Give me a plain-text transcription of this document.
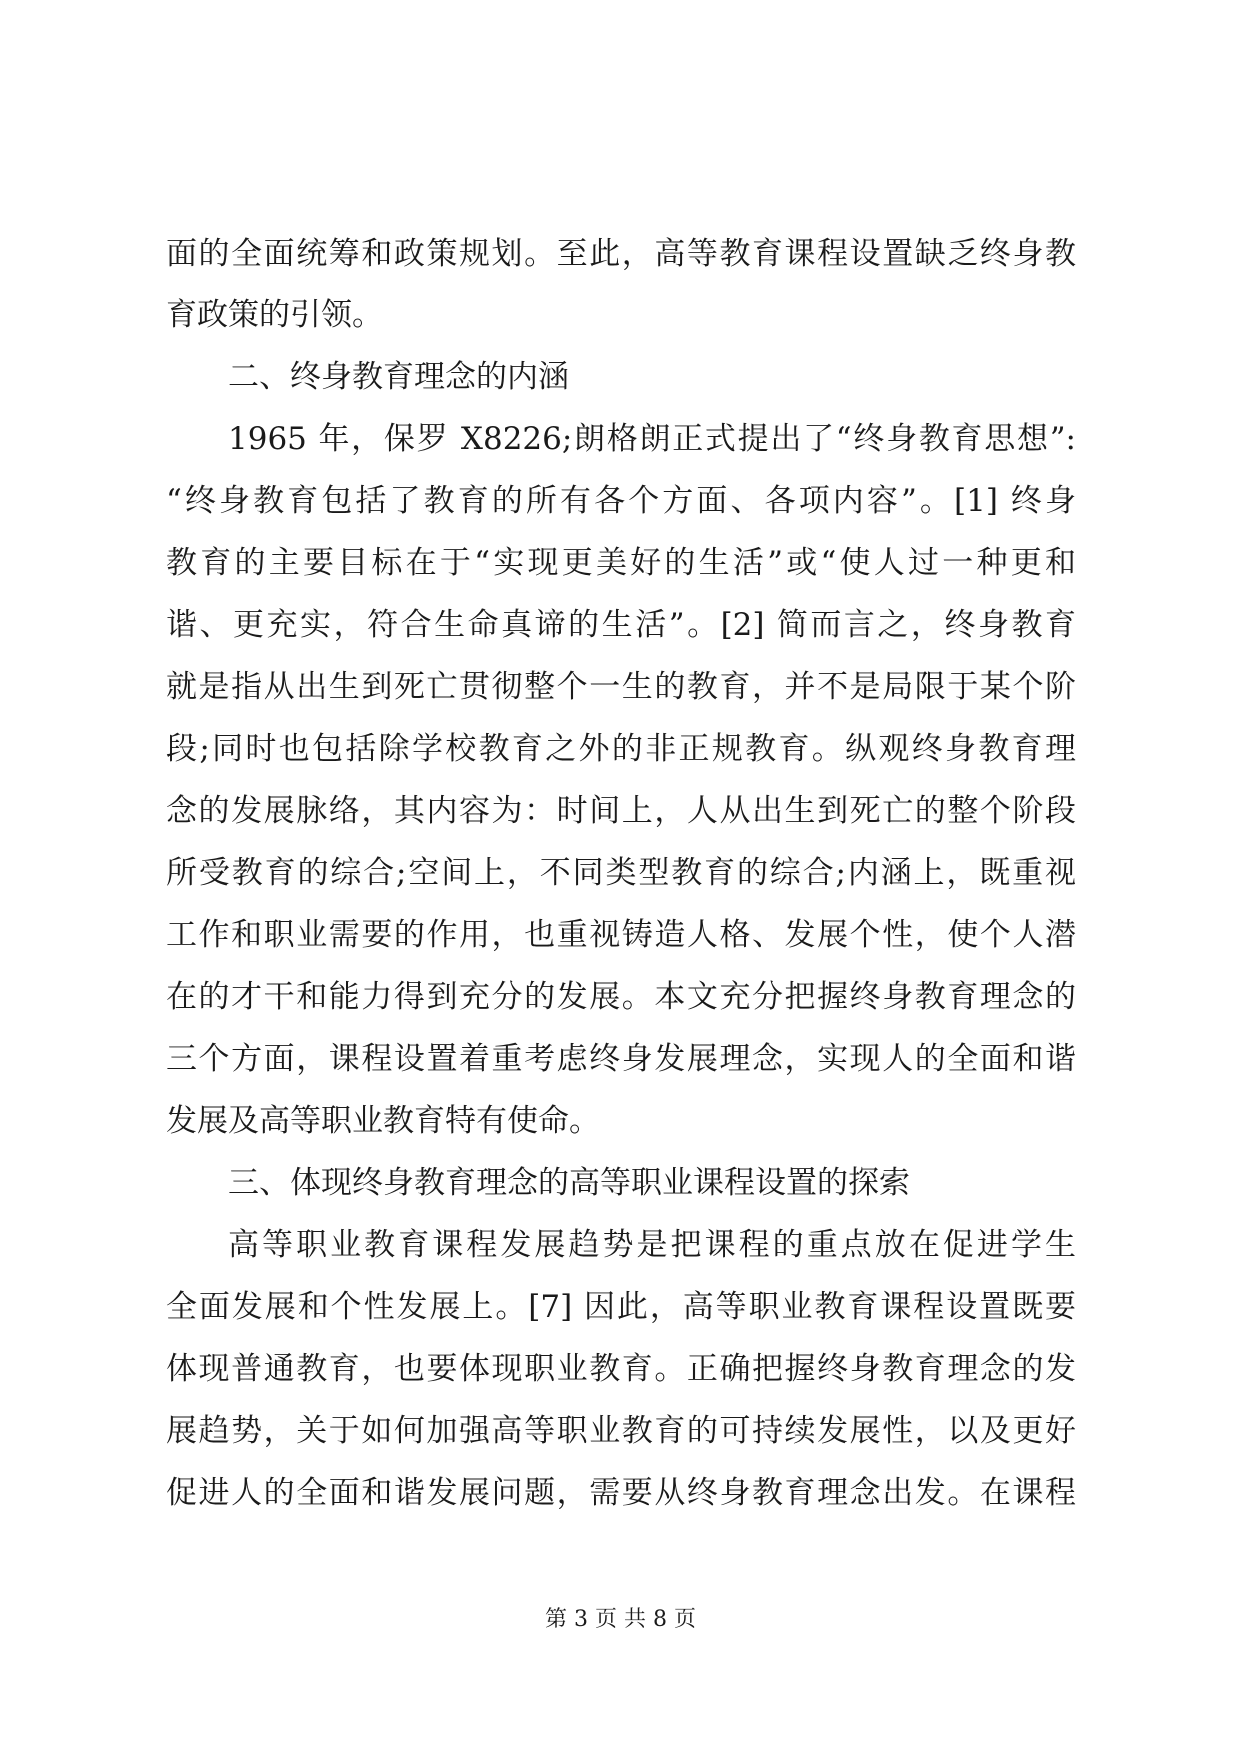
面的全面统筹和政策规划。至此，高等教育课程设置缺乏终身教
育政策的引领。
二、终身教育理念的内涵
1965 年，保罗 X8226;朗格朗正式提出了“终身教育思想”:
“终身教育包括了教育的所有各个方面、各项内容”。[1] 终身
教育的主要目标在于“实现更美好的生活”或“使人过一种更和
谐、更充实，符合生命真谛的生活”。[2] 简而言之，终身教育
就是指从出生到死亡贯彻整个一生的教育，并不是局限于某个阶
段;同时也包括除学校教育之外的非正规教育。纵观终身教育理
念的发展脉络，其内容为：时间上，人从出生到死亡的整个阶段
所受教育的综合;空间上，不同类型教育的综合;内涵上，既重视
工作和职业需要的作用，也重视铸造人格、发展个性，使个人潜
在的才干和能力得到充分的发展。本文充分把握终身教育理念的
三个方面，课程设置着重考虑终身发展理念，实现人的全面和谐
发展及高等职业教育特有使命。
三、体现终身教育理念的高等职业课程设置的探索
高等职业教育课程发展趋势是把课程的重点放在促进学生
全面发展和个性发展上。[7] 因此，高等职业教育课程设置既要
体现普通教育，也要体现职业教育。正确把握终身教育理念的发
展趋势，关于如何加强高等职业教育的可持续发展性，以及更好
促进人的全面和谐发展问题，需要从终身教育理念出发。在课程
第 3 页 共 8 页
